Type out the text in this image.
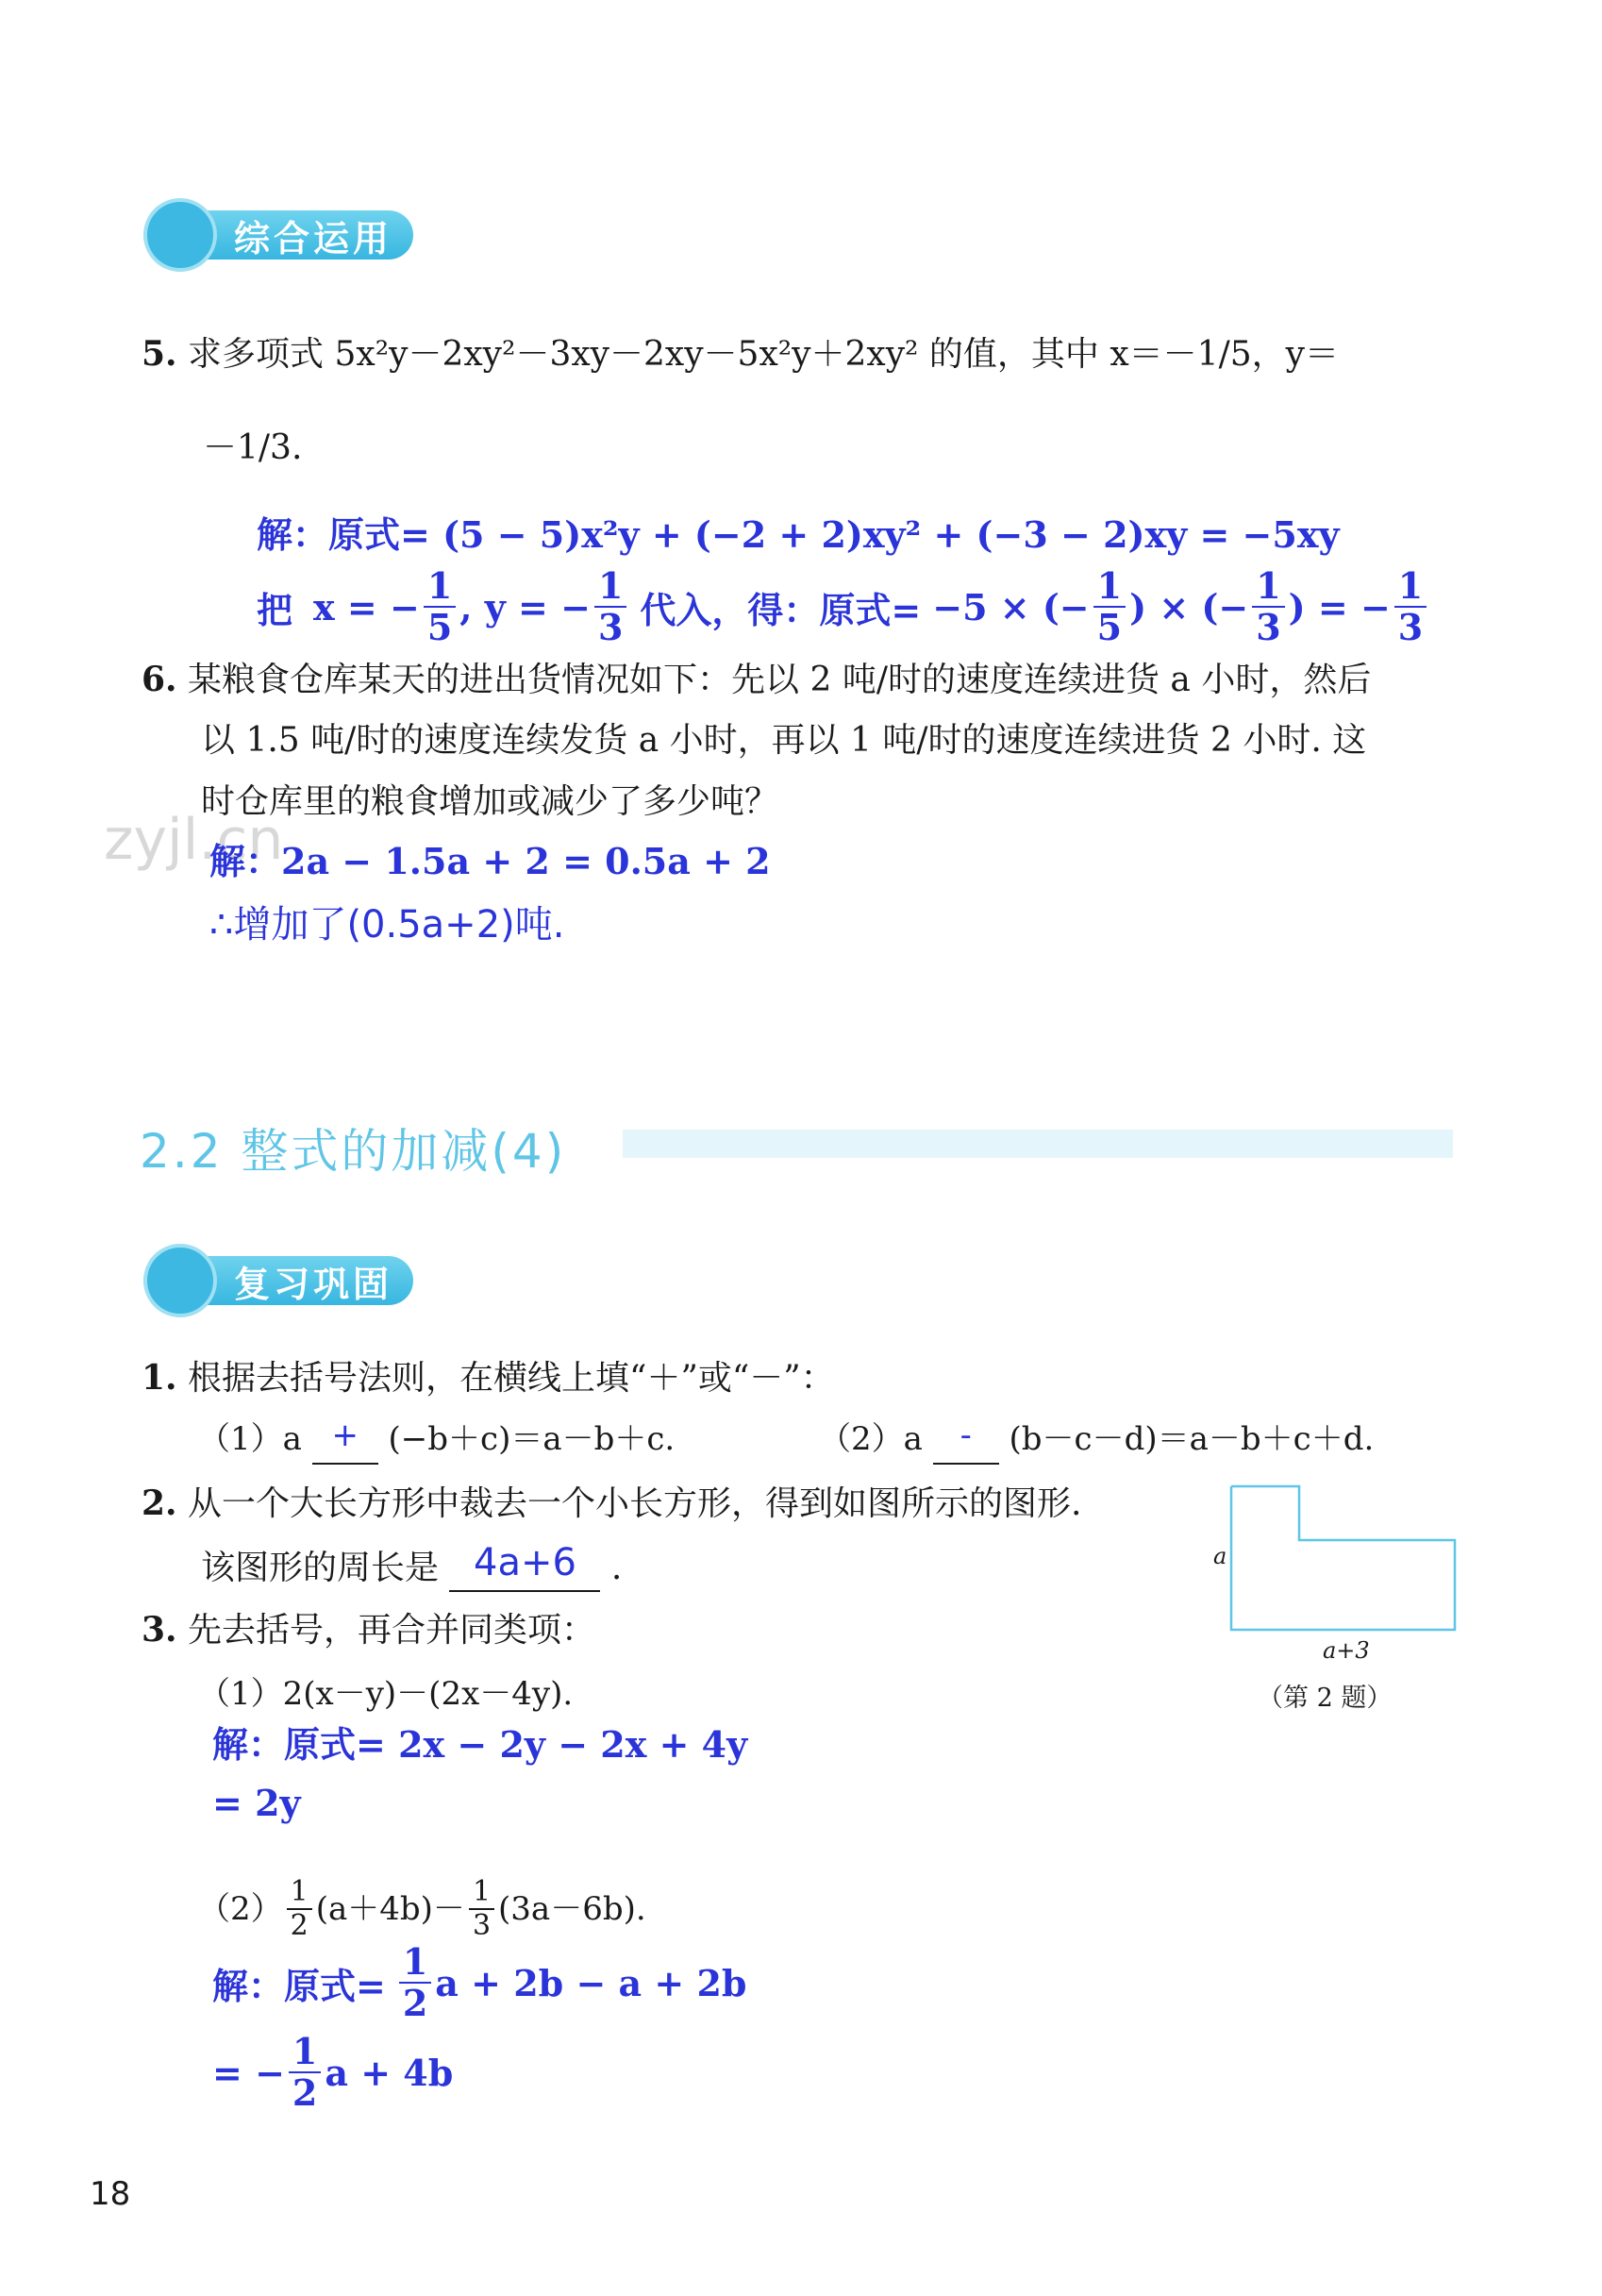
综合运用
5. 求多项式 5x²y－2xy²－3xy－2xy－5x²y＋2xy² 的值，其中 x＝－1/5，y＝
－1/3.
解：原式= (5 − 5)x²y + (−2 + 2)xy² + (−3 − 2)xy = −5xy
把 x = − $\frac{1}{5}$ , y = − $\frac{1}{3}$ 代入，得：原式= −5 × (− $\frac{1}{5}$ ) × (− $\frac{1}{3}$ ) = − $\frac{1}{3}$
6. 某粮食仓库某天的进出货情况如下：先以 2 吨/时的速度连续进货 a 小时，然后
以 1.5 吨/时的速度连续发货 a 小时，再以 1 吨/时的速度连续进货 2 小时. 这
时仓库里的粮食增加或减少了多少吨？
zyjl.cn
解：2a − 1.5a + 2 = 0.5a + 2
∴增加了(0.5a+2)吨.
2.2 整式的加减(4)
复习巩固
1. 根据去括号法则，在横线上填“＋”或“－”：
（1）a + (−b＋c)＝a－b＋c.	（2）a	-	(b－c－d)＝a－b＋c＋d.
2. 从一个大长方形中裁去一个小长方形，得到如图所示的图形.
该图形的周长是 4a+6	.	a
a+3
（第 2 题）
3. 先去括号，再合并同类项：
（1）2(x－y)－(2x－4y).
解：原式= 2x − 2y − 2x + 4y
= 2y
$(2) \frac{1}{2} (a+4b)- \frac{1}{3} (3a-6b)$.
解：原式= $\frac{1}{2}$ a + 2b − a + 2b
= − $\frac{1}{2}$ a + 4b
18
